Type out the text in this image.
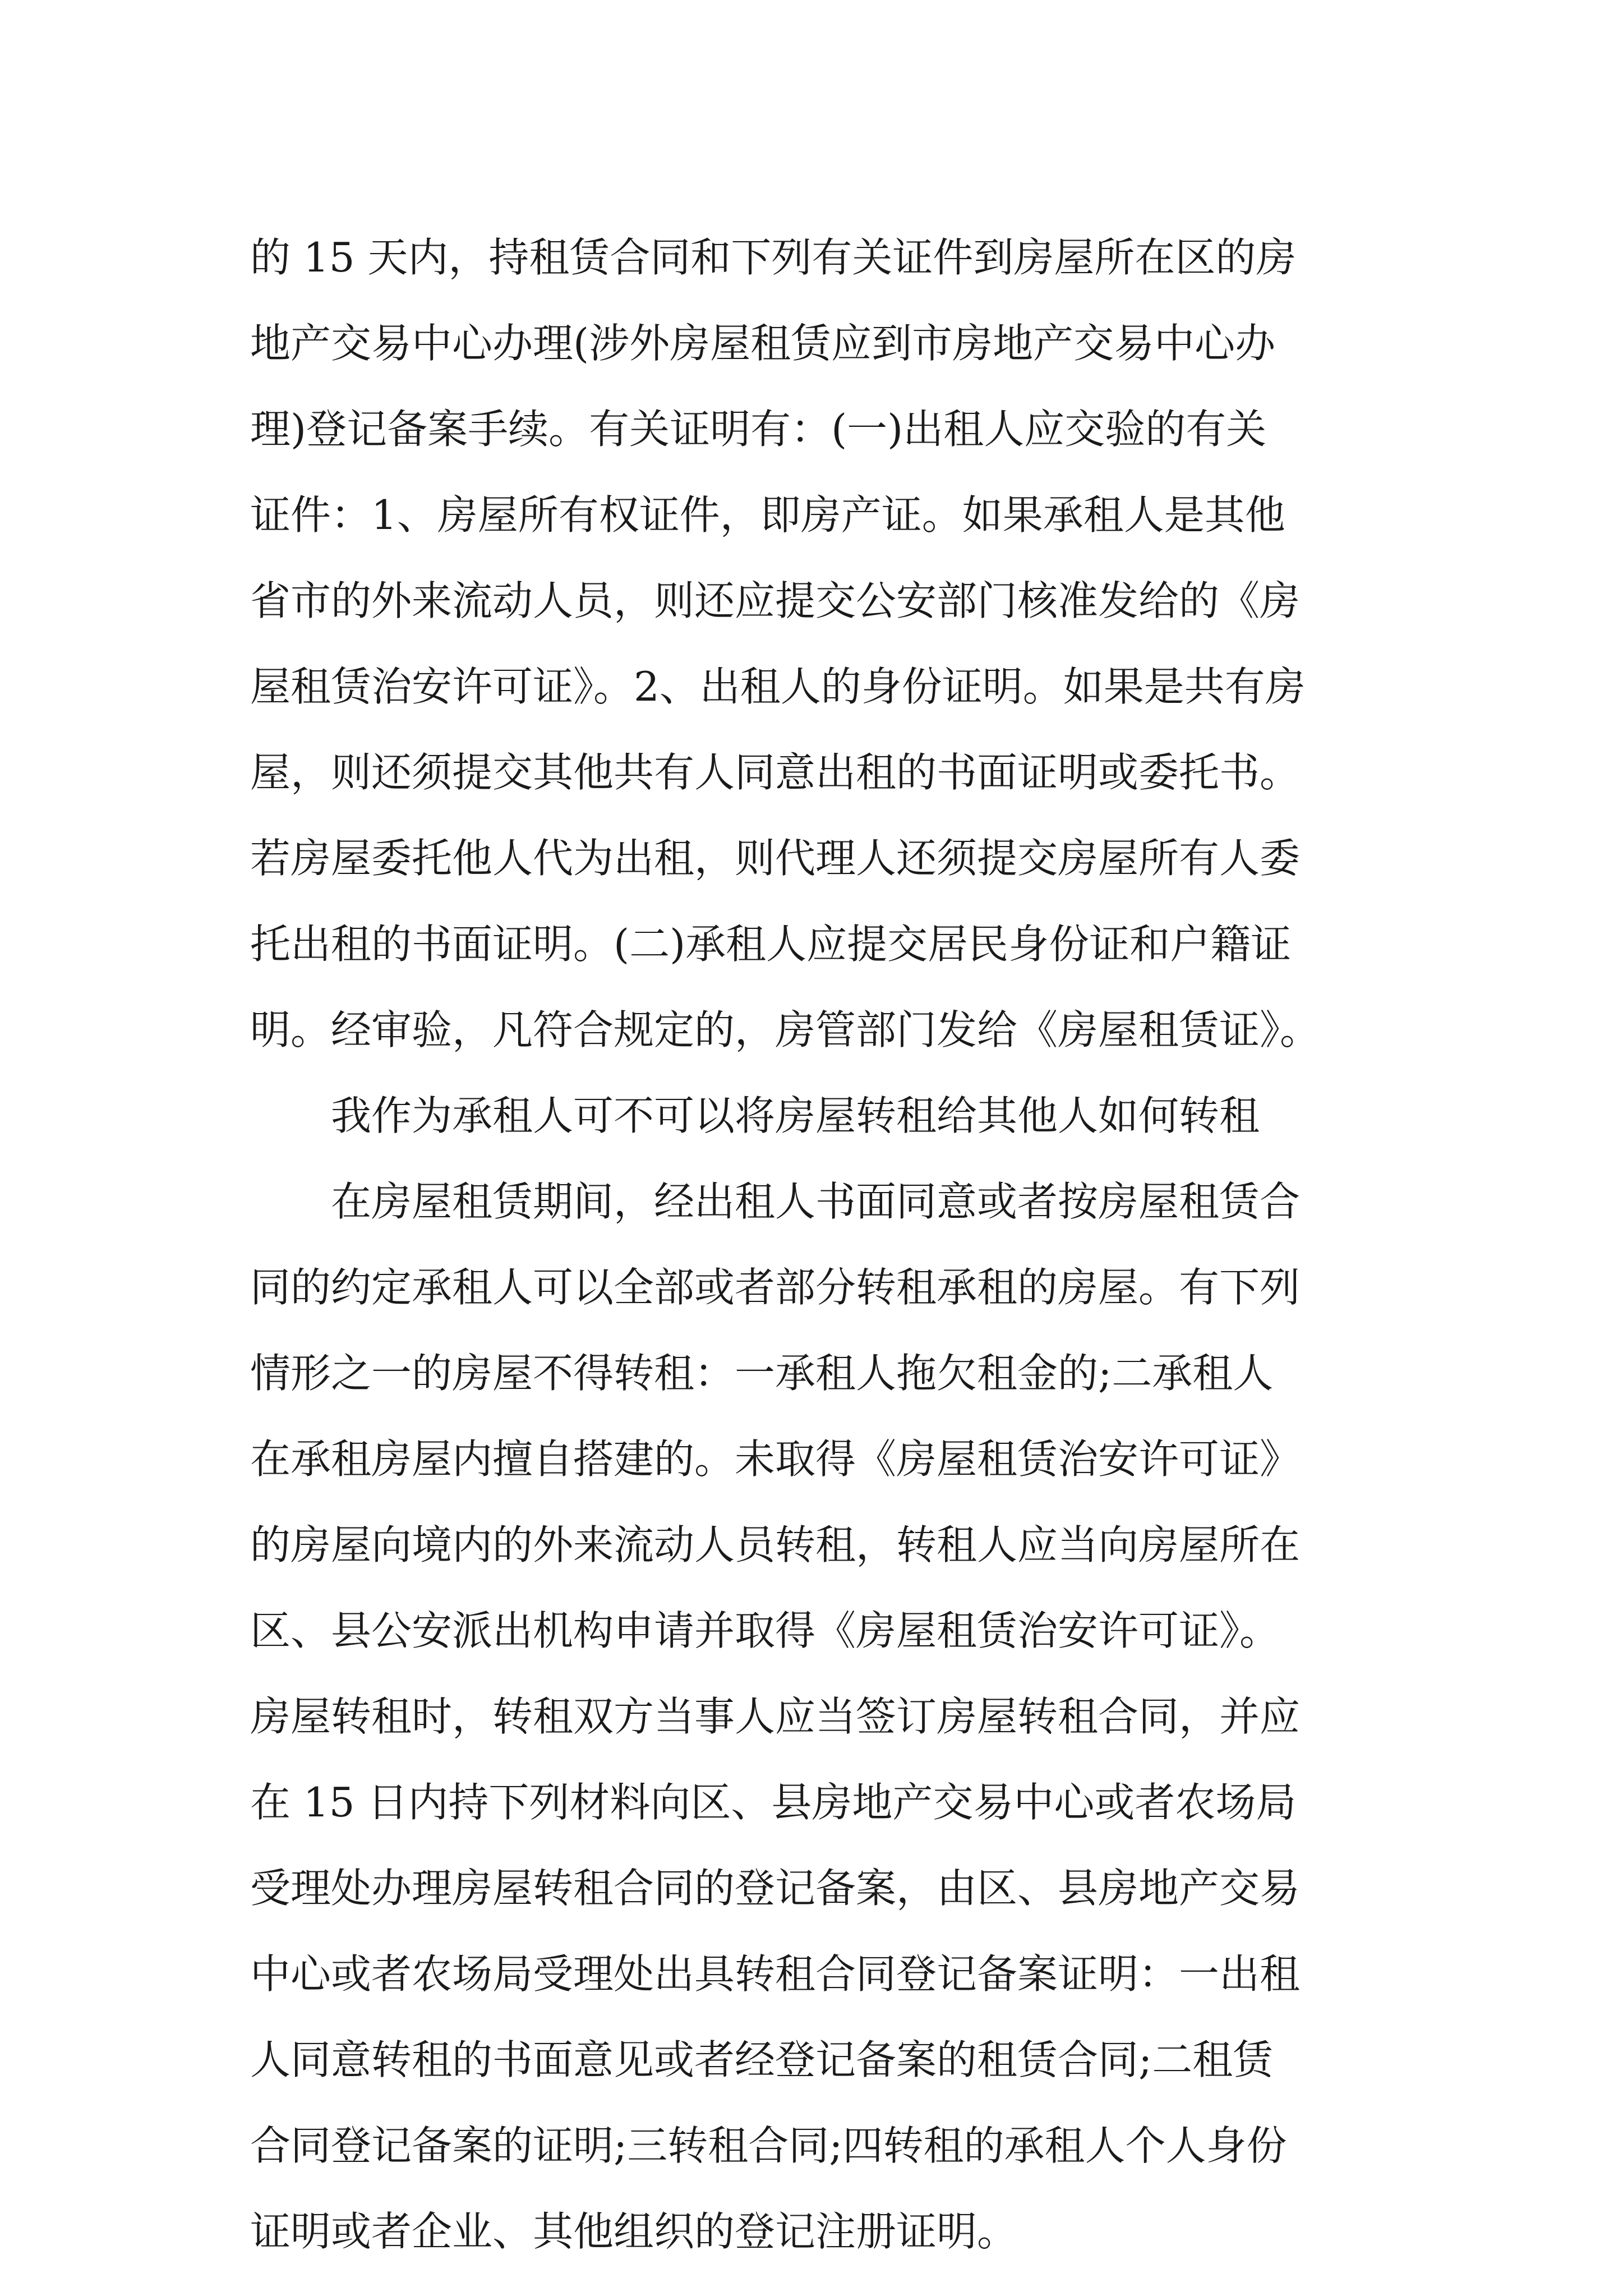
的 15 天内，持租赁合同和下列有关证件到房屋所在区的房
地产交易中心办理(涉外房屋租赁应到市房地产交易中心办
理)登记备案手续。有关证明有：(一)出租人应交验的有关
证件：1、房屋所有权证件，即房产证。如果承租人是其他
省市的外来流动人员，则还应提交公安部门核准发给的《房
屋租赁治安许可证》。2、出租人的身份证明。如果是共有房
屋，则还须提交其他共有人同意出租的书面证明或委托书。
若房屋委托他人代为出租，则代理人还须提交房屋所有人委
托出租的书面证明。(二)承租人应提交居民身份证和户籍证
明。经审验，凡符合规定的，房管部门发给《房屋租赁证》。
我作为承租人可不可以将房屋转租给其他人如何转租
在房屋租赁期间，经出租人书面同意或者按房屋租赁合
同的约定承租人可以全部或者部分转租承租的房屋。有下列
情形之一的房屋不得转租：一承租人拖欠租金的;二承租人
在承租房屋内擅自搭建的。未取得《房屋租赁治安许可证》
的房屋向境内的外来流动人员转租，转租人应当向房屋所在
区、县公安派出机构申请并取得《房屋租赁治安许可证》。
房屋转租时，转租双方当事人应当签订房屋转租合同，并应
在 15 日内持下列材料向区、县房地产交易中心或者农场局
受理处办理房屋转租合同的登记备案，由区、县房地产交易
中心或者农场局受理处出具转租合同登记备案证明：一出租
人同意转租的书面意见或者经登记备案的租赁合同;二租赁
合同登记备案的证明;三转租合同;四转租的承租人个人身份
证明或者企业、其他组织的登记注册证明。
